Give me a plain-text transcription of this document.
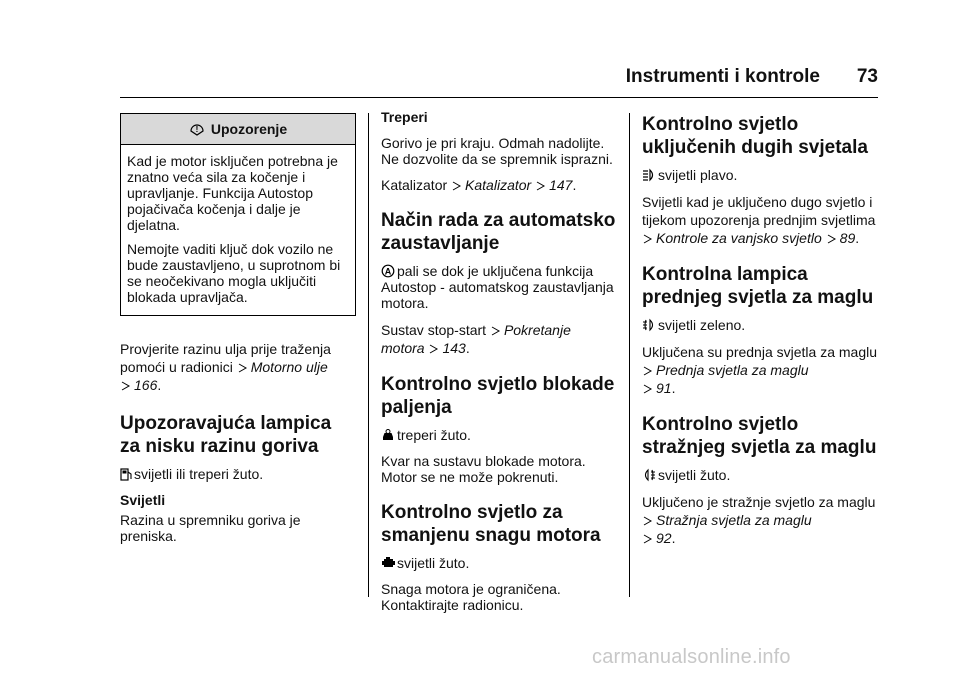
Instrumenti i kontrole	73
! Upozorenje

Kad je motor isključen potrebna je znatno veća sila za kočenje i upravljanje. Funkcija Autostop pojačivača kočenja i dalje je djelatna.

Nemojte vaditi ključ dok vozilo ne bude zaustavljeno, u suprotnom bi se neočekivano mogla uključiti blokada upravljača.

Provjerite razinu ulja prije traženja pomoći u radionici Motorno ulje
166.

Upozoravajuća lampica za nisku razinu goriva

svijetli ili treperi žuto.

Svijetli

Razina u spremniku goriva je preniska.

Treperi

Gorivo je pri kraju. Odmah nadolijte. Ne dozvolite da se spremnik isprazni.

Katalizator Katalizator 147.

Način rada za automatsko zaustavljanje

A pali se dok je uključena funkcija Autostop - automatskog zaustavljanja motora.

Sustav stop-start Pokretanje motora 143.

Kontrolno svjetlo blokade paljenja

treperi žuto.

Kvar na sustavu blokade motora. Motor se ne može pokrenuti.

Kontrolno svjetlo za smanjenu snagu motora

svijetli žuto.

Snaga motora je ograničena. Kontaktirajte radionicu.

Kontrolno svjetlo uključenih dugih svjetala

svijetli plavo.

Svijetli kad je uključeno dugo svjetlo i tijekom upozorenja prednjim svjetlima Kontrole za vanjsko svjetlo 89.

Kontrolna lampica prednjeg svjetla za maglu

svijetli zeleno.

Uključena su prednja svjetla za maglu Prednja svjetla za maglu
91.

Kontrolno svjetlo stražnjeg svjetla za maglu

svijetli žuto.

Uključeno je stražnje svjetlo za maglu Stražnja svjetla za maglu
92.

carmanualsonline.info
